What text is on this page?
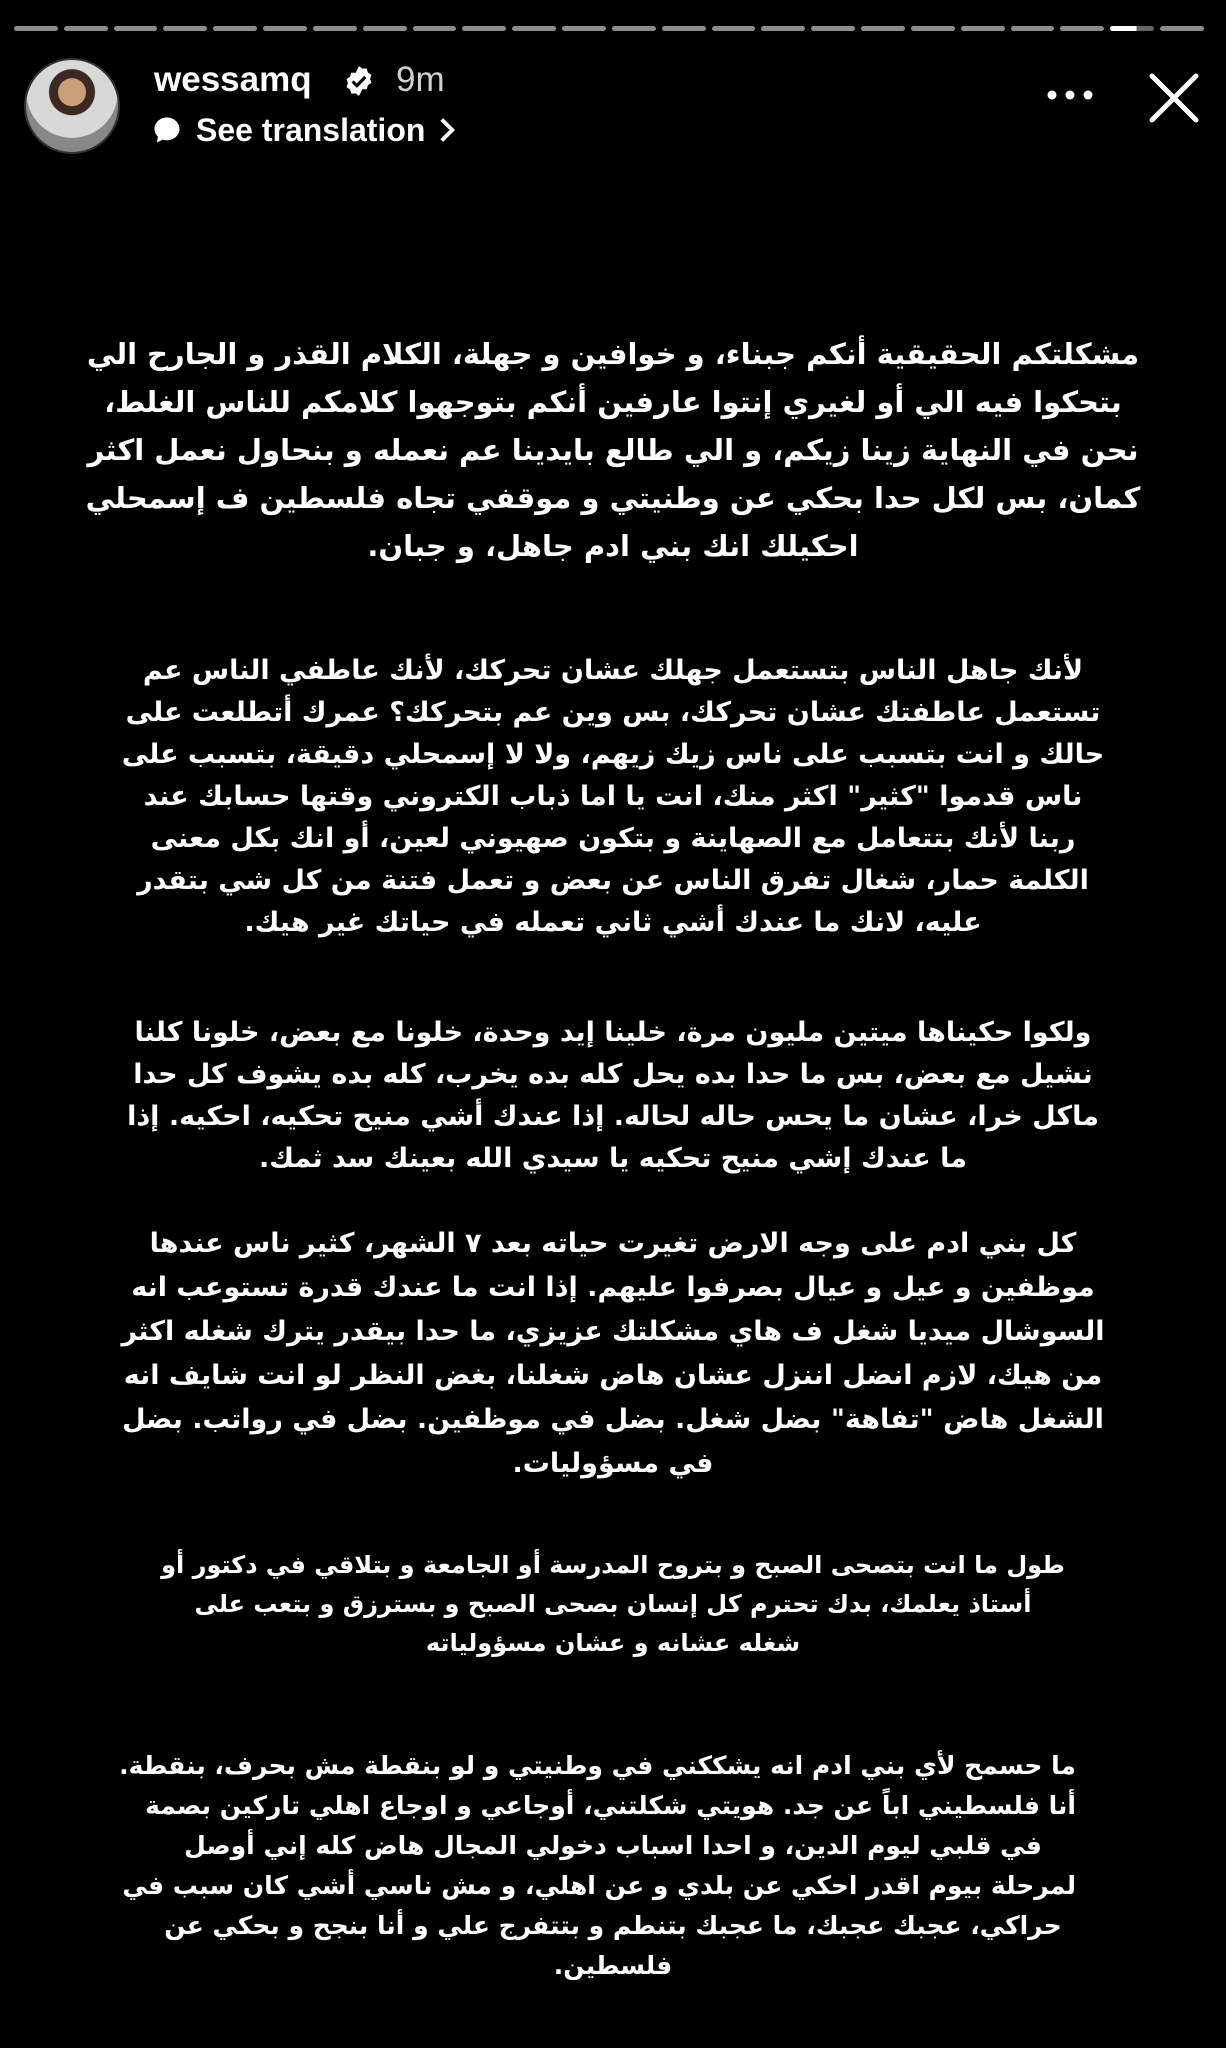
wessamq 9m
See translation
مشكلتكم الحقيقية أنكم جبناء، و خوافين و جهلة، الكلام القذر و الجارح الي
بتحكوا فيه الي أو لغيري إنتوا عارفين أنكم بتوجهوا كلامكم للناس الغلط،
نحن في النهاية زينا زيكم، و الي طالع بايدينا عم نعمله و بنحاول نعمل اكثر
كمان، بس لكل حدا بحكي عن وطنيتي و موقفي تجاه فلسطين ف إسمحلي
احكيلك انك بني ادم جاهل، و جبان.
لأنك جاهل الناس بتستعمل جهلك عشان تحركك، لأنك عاطفي الناس عم
تستعمل عاطفتك عشان تحركك، بس وين عم بتحركك؟ عمرك أتطلعت على
حالك و انت بتسبب على ناس زيك زيهم، ولا لا إسمحلي دقيقة، بتسبب على
ناس قدموا "كثير" اكثر منك، انت يا اما ذباب الكتروني وقتها حسابك عند
ربنا لأنك بتتعامل مع الصهاينة و بتكون صهيوني لعين، أو انك بكل معنى
الكلمة حمار، شغال تفرق الناس عن بعض و تعمل فتنة من كل شي بتقدر
عليه، لانك ما عندك أشي ثاني تعمله في حياتك غير هيك.
ولكوا حكيناها ميتين مليون مرة، خلينا إيد وحدة، خلونا مع بعض، خلونا كلنا
نشيل مع بعض، بس ما حدا بده يحل كله بده يخرب، كله بده يشوف كل حدا
ماكل خرا، عشان ما يحس حاله لحاله. إذا عندك أشي منيح تحكيه، احكيه. إذا
ما عندك إشي منيح تحكيه يا سيدي الله بعينك سد ثمك.
كل بني ادم على وجه الارض تغيرت حياته بعد ٧ الشهر، كثير ناس عندها
موظفين و عيل و عيال بصرفوا عليهم. إذا انت ما عندك قدرة تستوعب انه
السوشال ميديا شغل ف هاي مشكلتك عزيزي، ما حدا بيقدر يترك شغله اكثر
من هيك، لازم انضل اننزل عشان هاض شغلنا، بغض النظر لو انت شايف انه
الشغل هاض "تفاهة" بضل شغل. بضل في موظفين. بضل في رواتب. بضل
في مسؤوليات.
طول ما انت بتصحى الصبح و بتروح المدرسة أو الجامعة و بتلاقي في دكتور أو
أستاذ يعلمك، بدك تحترم كل إنسان بصحى الصبح و بسترزق و بتعب على
شغله عشانه و عشان مسؤولياته
ما حسمح لأي بني ادم انه يشككني في وطنيتي و لو بنقطة مش بحرف، بنقطة.
أنا فلسطيني اباً عن جد. هويتي شكلتني، أوجاعي و اوجاع اهلي تاركين بصمة
في قلبي ليوم الدين، و احدا اسباب دخولي المجال هاض كله إني أوصل
لمرحلة بيوم اقدر احكي عن بلدي و عن اهلي، و مش ناسي أشي كان سبب في
حراكي، عجبك عجبك، ما عجبك بتنطم و بتتفرج علي و أنا بنجح و بحكي عن
فلسطين.
